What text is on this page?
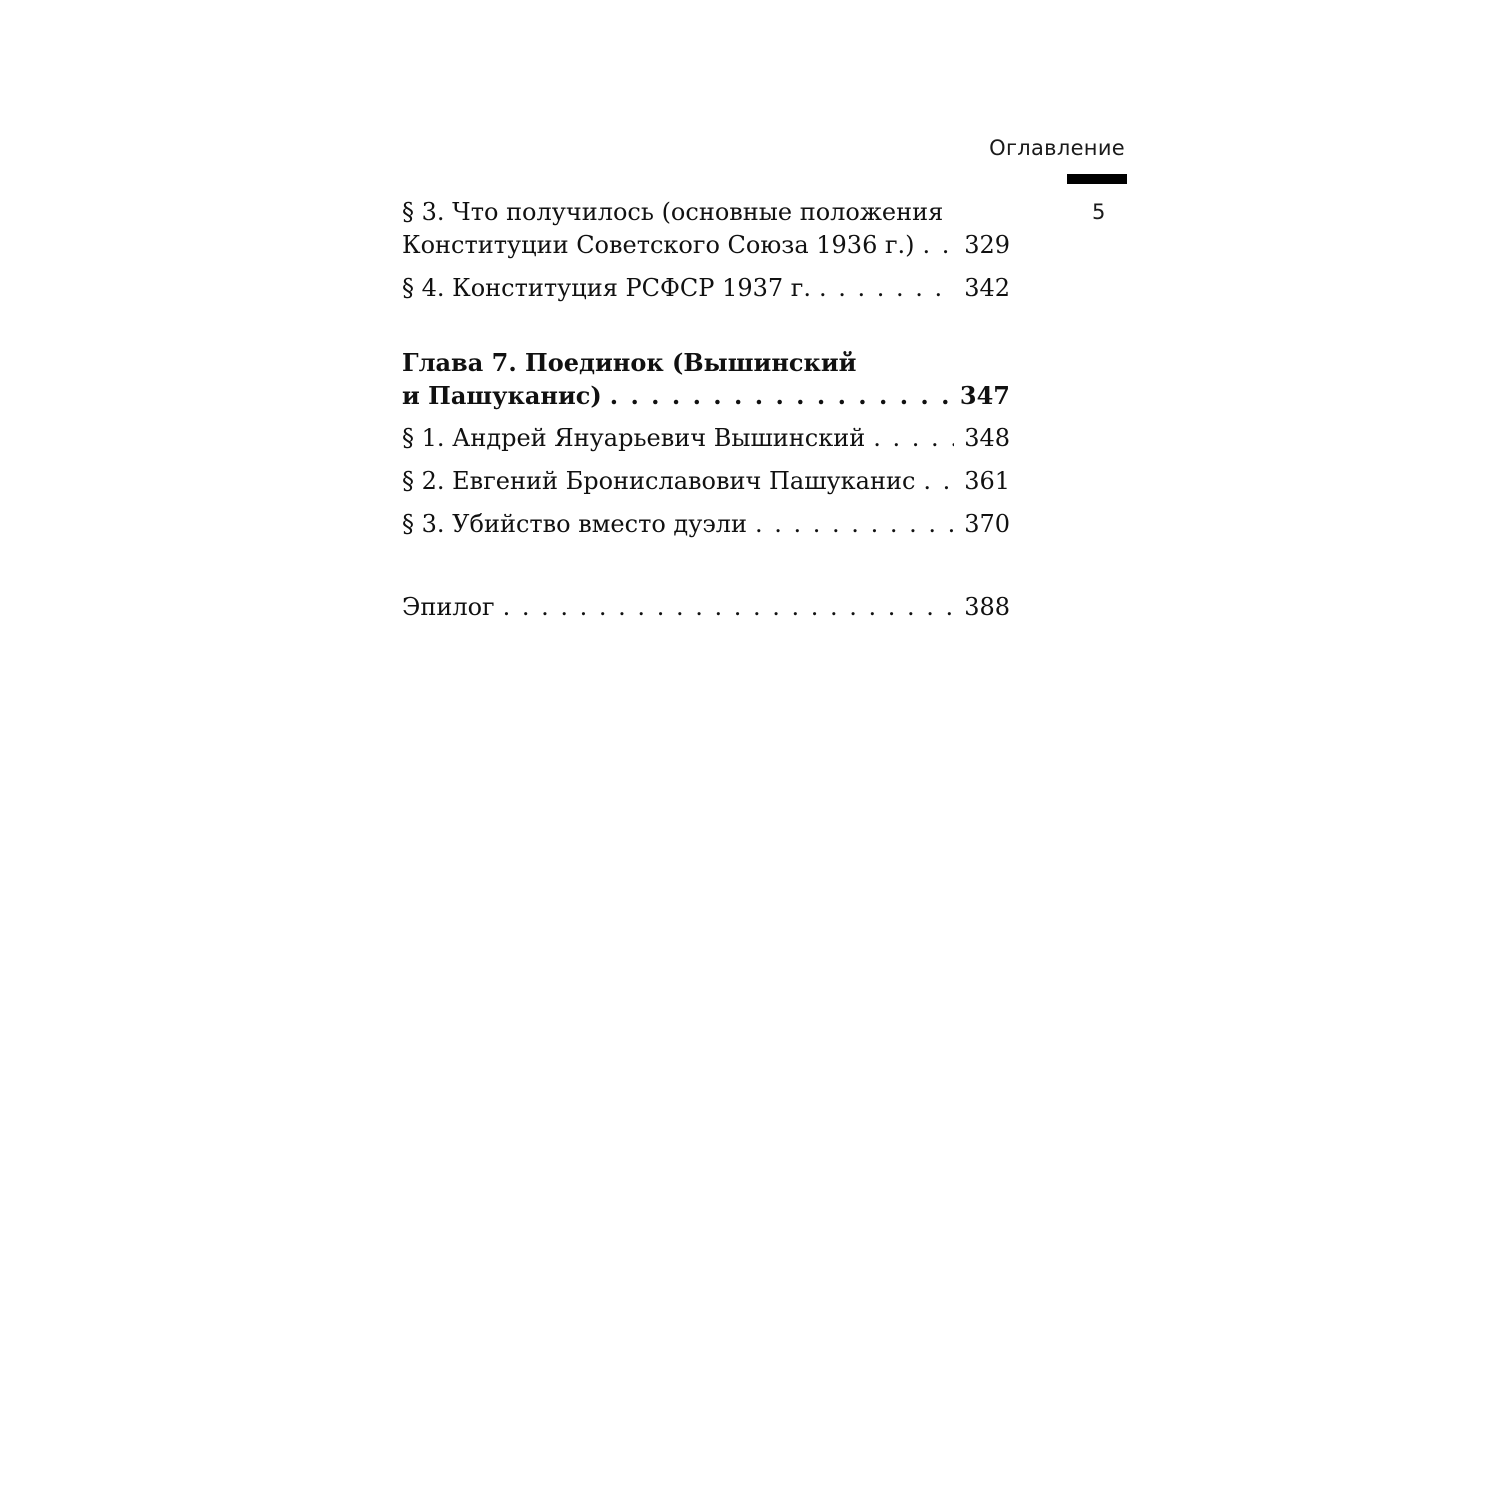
Оглавление
5
§ 3. Что получилось (основные положения
Конституции Советского Союза 1936 г.) . . . 329
§ 4. Конституция РСФСР 1937 г. . . .	342
Глава 7. Поединок (Вышинский
и Пашуканис) . . .	347
§ 1. Андрей Януарьевич Вышинский . . .	348
§ 2. Евгений Брониславович Пашуканис . . . 361
§ 3. Убийство вместо дуэли . . .	370
Эпилог . . .	388
